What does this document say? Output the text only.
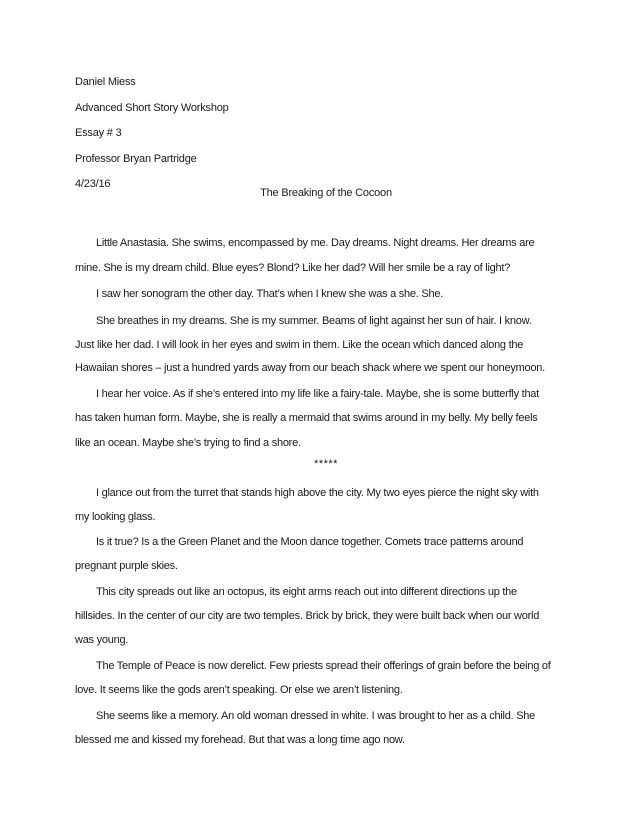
Daniel Miess
Advanced Short Story Workshop
Essay # 3
Professor Bryan Partridge
4/23/16
The Breaking of the Cocoon
Little Anastasia. She swims, encompassed by me. Day dreams. Night dreams. Her dreams are
mine. She is my dream child. Blue eyes? Blond? Like her dad? Will her smile be a ray of light?
I saw her sonogram the other day. That’s when I knew she was a she. She.
She breathes in my dreams. She is my summer. Beams of light against her sun of hair. I know.
Just like her dad. I will look in her eyes and swim in them. Like the ocean which danced along the
Hawaiian shores – just a hundred yards away from our beach shack where we spent our honeymoon.
I hear her voice. As if she’s entered into my life like a fairy-tale. Maybe, she is some butterfly that
has taken human form. Maybe, she is really a mermaid that swims around in my belly. My belly feels
like an ocean. Maybe she’s trying to find a shore.
*****
I glance out from the turret that stands high above the city. My two eyes pierce the night sky with
my looking glass.
Is it true? Is a the Green Planet and the Moon dance together. Comets trace patterns around
pregnant purple skies.
This city spreads out like an octopus, its eight arms reach out into different directions up the
hillsides. In the center of our city are two temples. Brick by brick, they were built back when our world
was young.
The Temple of Peace is now derelict. Few priests spread their offerings of grain before the being of
love. It seems like the gods aren’t speaking. Or else we aren’t listening.
She seems like a memory. An old woman dressed in white. I was brought to her as a child. She
blessed me and kissed my forehead. But that was a long time ago now.
